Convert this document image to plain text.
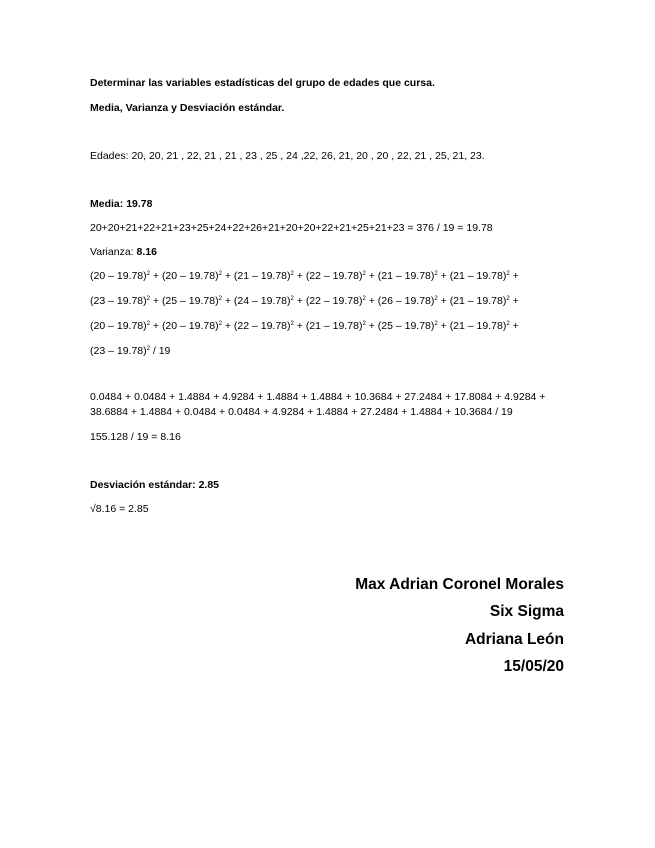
Determinar las variables estadísticas del grupo de edades que cursa.
Media, Varianza y Desviación estándar.
Edades: 20, 20, 21 , 22, 21 , 21 , 23 , 25 , 24 ,22, 26, 21, 20 , 20 , 22, 21 , 25, 21, 23.
Media: 19.78
20+20+21+22+21+23+25+24+22+26+21+20+20+22+21+25+21+23 = 376 / 19 = 19.78
Varianza: 8.16
(20 – 19.78)$^2$ + (20 – 19.78)$^2$ + (21 – 19.78)$^2$ + (22 – 19.78)$^2$ + (21 – 19.78)$^2$ + (21 – 19.78)$^2$ +
(23 – 19.78)$^2$ + (25 – 19.78)$^2$ + (24 – 19.78)$^2$ + (22 – 19.78)$^2$ + (26 – 19.78)$^2$ + (21 – 19.78)$^2$ +
(20 – 19.78)$^2$ + (20 – 19.78)$^2$ + (22 – 19.78)$^2$ + (21 – 19.78)$^2$ + (25 – 19.78)$^2$ + (21 – 19.78)$^2$ +
(23 – 19.78)$^2$ / 19
0.0484 + 0.0484 + 1.4884 + 4.9284 + 1.4884 + 1.4884 + 10.3684 + 27.2484 + 17.8084 + 4.9284 +
38.6884 + 1.4884 + 0.0484 + 0.0484 + 4.9284 + 1.4884 + 27.2484 + 1.4884 + 10.3684 / 19
155.128 / 19 = 8.16
Desviación estándar: 2.85
√8.16 = 2.85
Max Adrian Coronel Morales
Six Sigma
Adriana León
15/05/20
